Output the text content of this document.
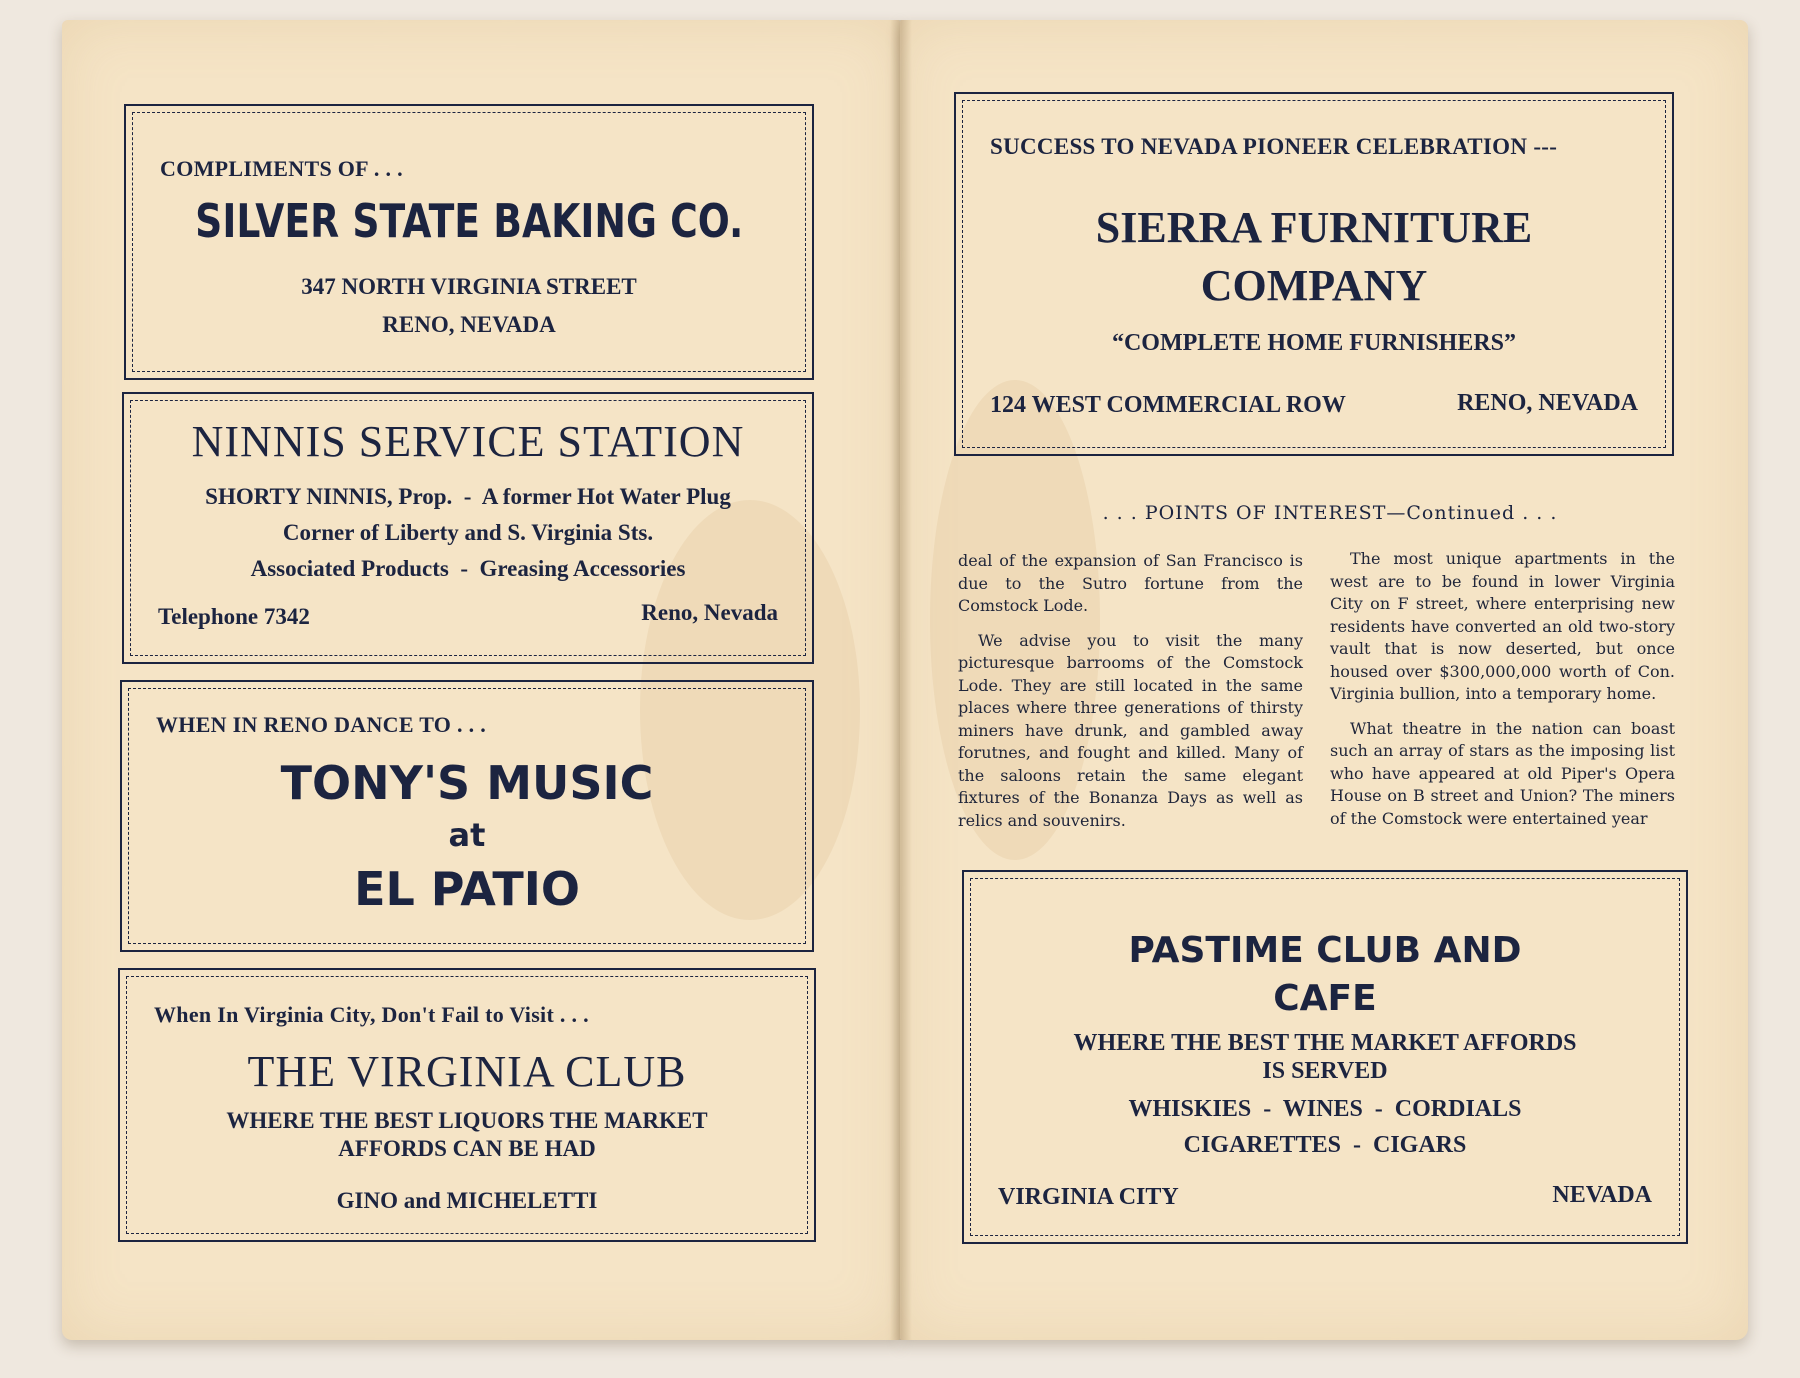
COMPLIMENTS OF . . .
SILVER STATE BAKING CO.
347 NORTH VIRGINIA STREET
RENO, NEVADA
NINNIS SERVICE STATION
SHORTY NINNIS, Prop.  -  A former Hot Water Plug
Corner of Liberty and S. Virginia Sts.
Associated Products  -  Greasing Accessories
Telephone 7342	Reno, Nevada
WHEN IN RENO DANCE TO . . .
TONY'S MUSIC
at
EL PATIO
When In Virginia City, Don't Fail to Visit . . .
THE VIRGINIA CLUB
WHERE THE BEST LIQUORS THE MARKET
AFFORDS CAN BE HAD
GINO and MICHELETTI
SUCCESS TO NEVADA PIONEER CELEBRATION ---
SIERRA FURNITURE
COMPANY
“COMPLETE HOME FURNISHERS”
124 WEST COMMERCIAL ROW	RENO, NEVADA
. . . POINTS OF INTEREST—Continued . . .

deal of the expansion of San Francisco is due to the Sutro fortune from the Comstock Lode.

We advise you to visit the many picturesque barrooms of the Comstock Lode. They are still located in the same places where three generations of thirsty miners have drunk, and gambled away forutnes, and fought and killed. Many of the saloons retain the same elegant fixtures of the Bonanza Days as well as relics and souvenirs.

The most unique apartments in the west are to be found in lower Virginia City on F street, where enterprising new residents have converted an old two-story vault that is now deserted, but once housed over $300,000,000 worth of Con. Virginia bullion, into a temporary home.

What theatre in the nation can boast such an array of stars as the imposing list who have appeared at old Piper's Opera House on B street and Union? The miners of the Comstock were entertained year

PASTIME CLUB AND
CAFE
WHERE THE BEST THE MARKET AFFORDS
IS SERVED
WHISKIES  -  WINES  -  CORDIALS
CIGARETTES  -  CIGARS
VIRGINIA CITY	NEVADA
